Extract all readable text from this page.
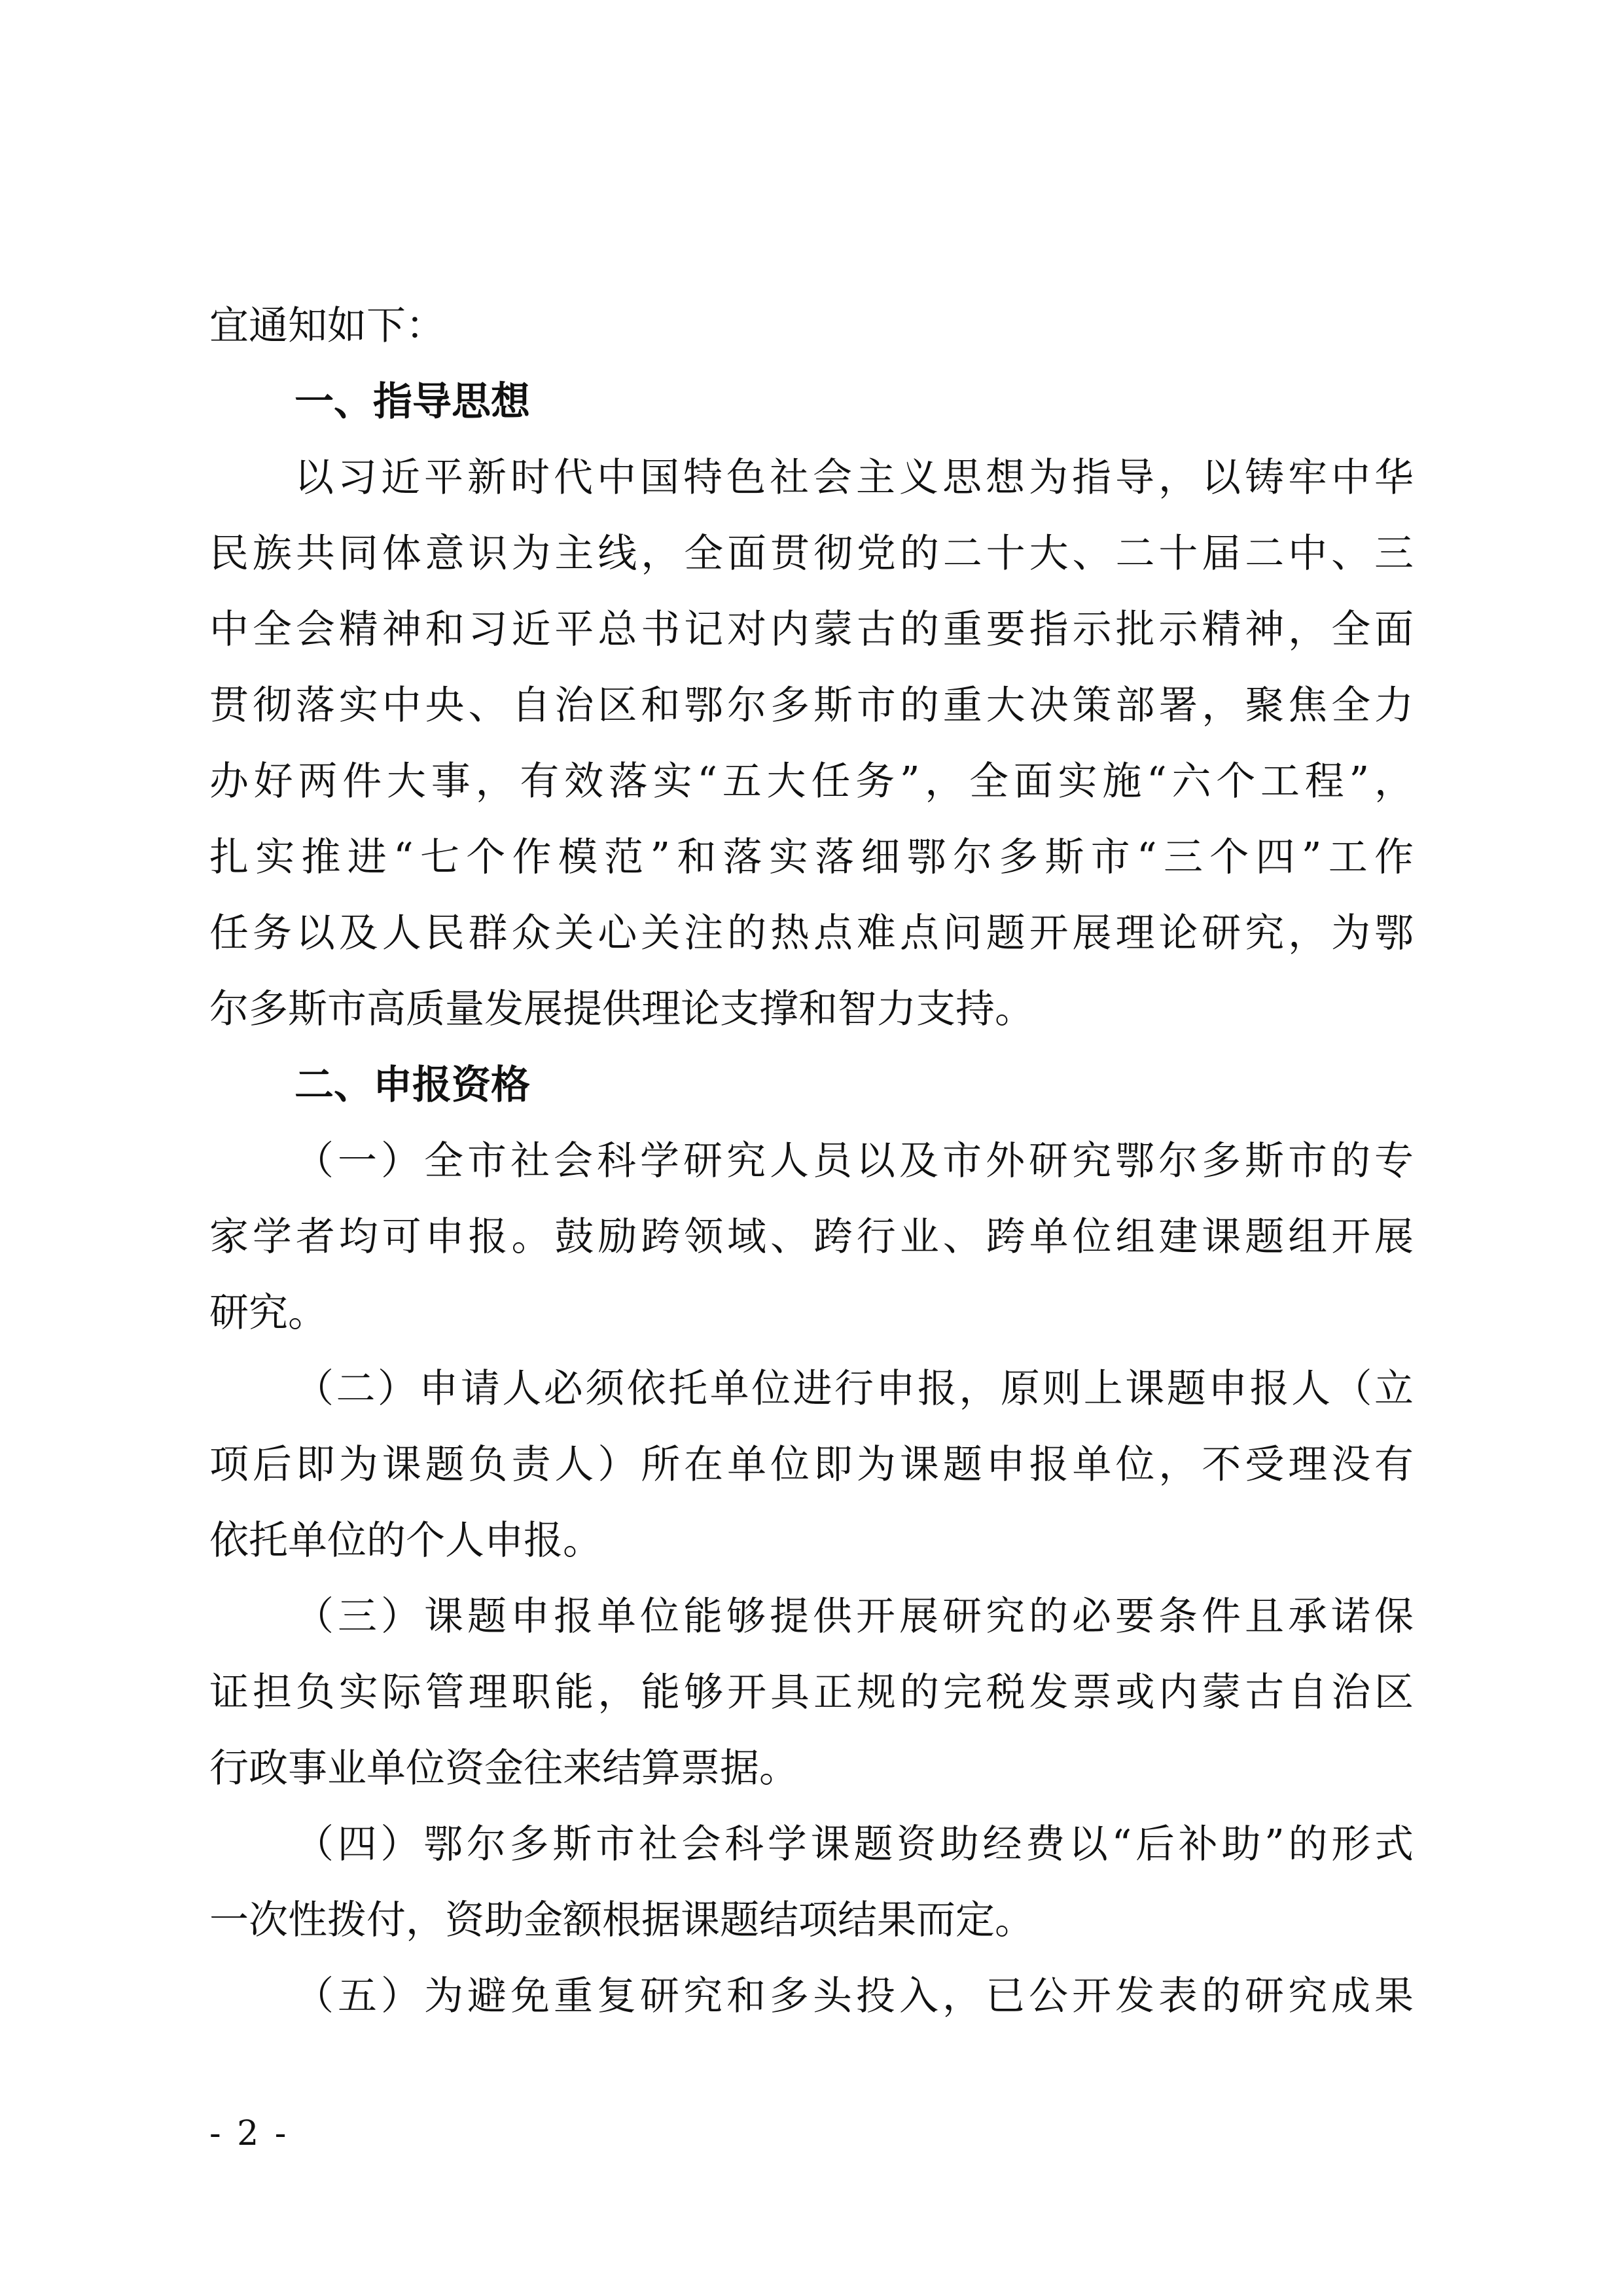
宜通知如下：
一、指导思想
以习近平新时代中国特色社会主义思想为指导，以铸牢中华
民族共同体意识为主线，全面贯彻党的二十大、二十届二中、三
中全会精神和习近平总书记对内蒙古的重要指示批示精神，全面
贯彻落实中央、自治区和鄂尔多斯市的重大决策部署，聚焦全力
办好两件大事，有效落实“五大任务”，全面实施“六个工程”，
扎实推进“七个作模范”和落实落细鄂尔多斯市“三个四”工作
任务以及人民群众关心关注的热点难点问题开展理论研究，为鄂
尔多斯市高质量发展提供理论支撑和智力支持。
二、申报资格
（一）全市社会科学研究人员以及市外研究鄂尔多斯市的专
家学者均可申报。鼓励跨领域、跨行业、跨单位组建课题组开展
研究。
（二）申请人必须依托单位进行申报，原则上课题申报人（立
项后即为课题负责人）所在单位即为课题申报单位，不受理没有
依托单位的个人申报。
（三）课题申报单位能够提供开展研究的必要条件且承诺保
证担负实际管理职能，能够开具正规的完税发票或内蒙古自治区
行政事业单位资金往来结算票据。
（四）鄂尔多斯市社会科学课题资助经费以“后补助”的形式
一次性拨付，资助金额根据课题结项结果而定。
（五）为避免重复研究和多头投入，已公开发表的研究成果
- 2 -
